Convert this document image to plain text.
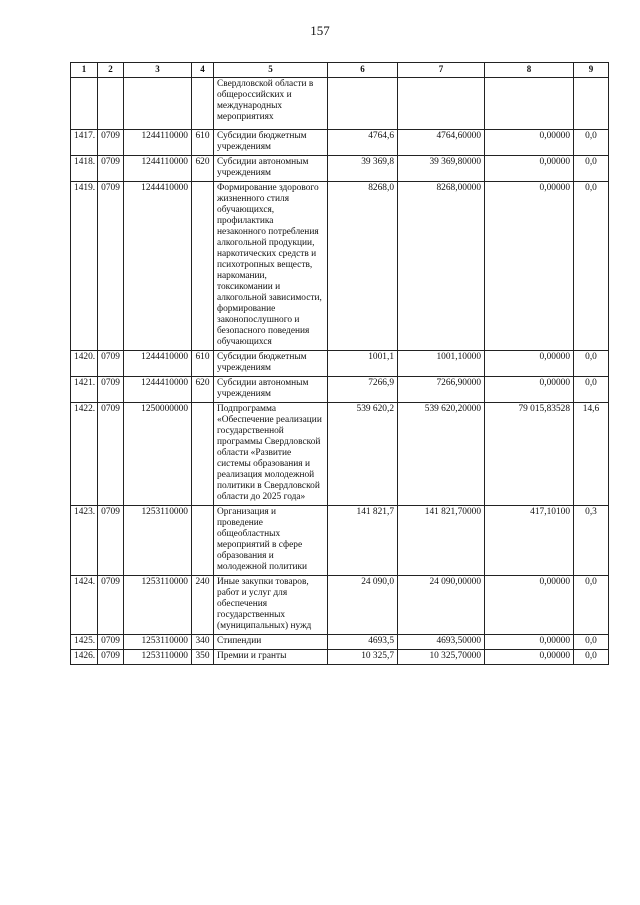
157
1	2	3	4	5	6	7	8	9
				Свердловской области в общероссийских и международных мероприятиях				
1417.	0709	1244110000	610	Субсидии бюджетным учреждениям	4764,6	4764,60000	0,00000	0,0
1418.	0709	1244110000	620	Субсидии автономным учреждениям	39 369,8	39 369,80000	0,00000	0,0
1419.	0709	1244410000		Формирование здорового жизненного стиля обучающихся, профилактика незаконного потребления алкогольной продукции, наркотических средств и психотропных веществ, наркомании, токсикомании и алкогольной зависимости, формирование законопослушного и безопасного поведения обучающихся	8268,0	8268,00000	0,00000	0,0
1420.	0709	1244410000	610	Субсидии бюджетным учреждениям	1001,1	1001,10000	0,00000	0,0
1421.	0709	1244410000	620	Субсидии автономным учреждениям	7266,9	7266,90000	0,00000	0,0
1422.	0709	1250000000		Подпрограмма «Обеспечение реализации государственной программы Свердловской области «Развитие системы образования и реализация молодежной политики в Свердловской области до 2025 года»	539 620,2	539 620,20000	79 015,83528	14,6
1423.	0709	1253110000		Организация и проведение общеобластных мероприятий в сфере образования и молодежной политики	141 821,7	141 821,70000	417,10100	0,3
1424.	0709	1253110000	240	Иные закупки товаров, работ и услуг для обеспечения государственных (муниципальных) нужд	24 090,0	24 090,00000	0,00000	0,0
1425.	0709	1253110000	340	Стипендии	4693,5	4693,50000	0,00000	0,0
1426.	0709	1253110000	350	Премии и гранты	10 325,7	10 325,70000	0,00000	0,0
